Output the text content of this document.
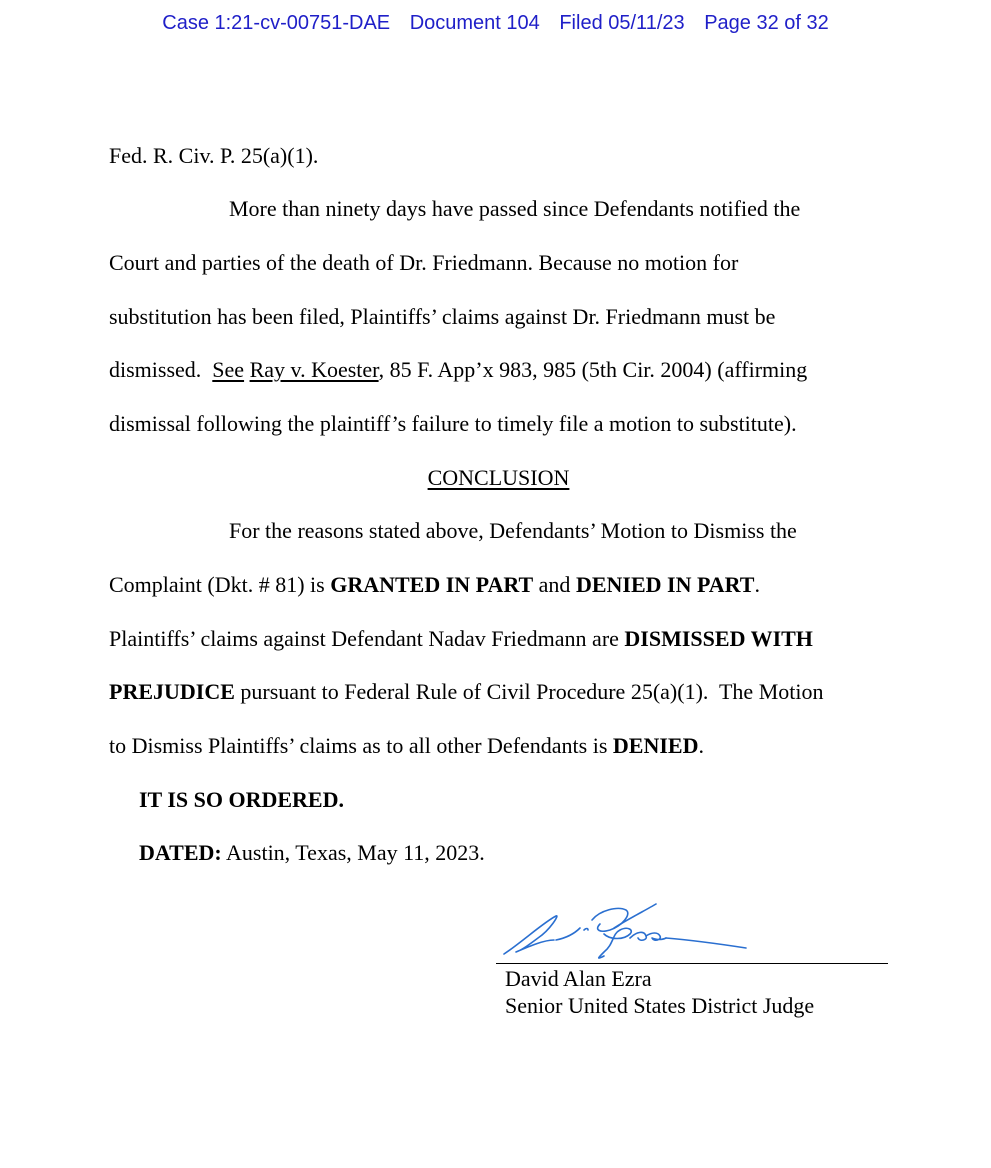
Case 1:21-cv-00751-DAE Document 104 Filed 05/11/23 Page 32 of 32
Fed. R. Civ. P. 25(a)(1).
More than ninety days have passed since Defendants notified the
Court and parties of the death of Dr. Friedmann. Because no motion for
substitution has been filed, Plaintiffs’ claims against Dr. Friedmann must be
dismissed.  See Ray v. Koester, 85 F. App’x 983, 985 (5th Cir. 2004) (affirming
dismissal following the plaintiff’s failure to timely file a motion to substitute).
CONCLUSION
For the reasons stated above, Defendants’ Motion to Dismiss the
Complaint (Dkt. # 81) is GRANTED IN PART and DENIED IN PART.
Plaintiffs’ claims against Defendant Nadav Friedmann are DISMISSED WITH
PREJUDICE pursuant to Federal Rule of Civil Procedure 25(a)(1).  The Motion
to Dismiss Plaintiffs’ claims as to all other Defendants is DENIED.
IT IS SO ORDERED.
DATED: Austin, Texas, May 11, 2023.
David Alan Ezra
Senior United States District Judge
